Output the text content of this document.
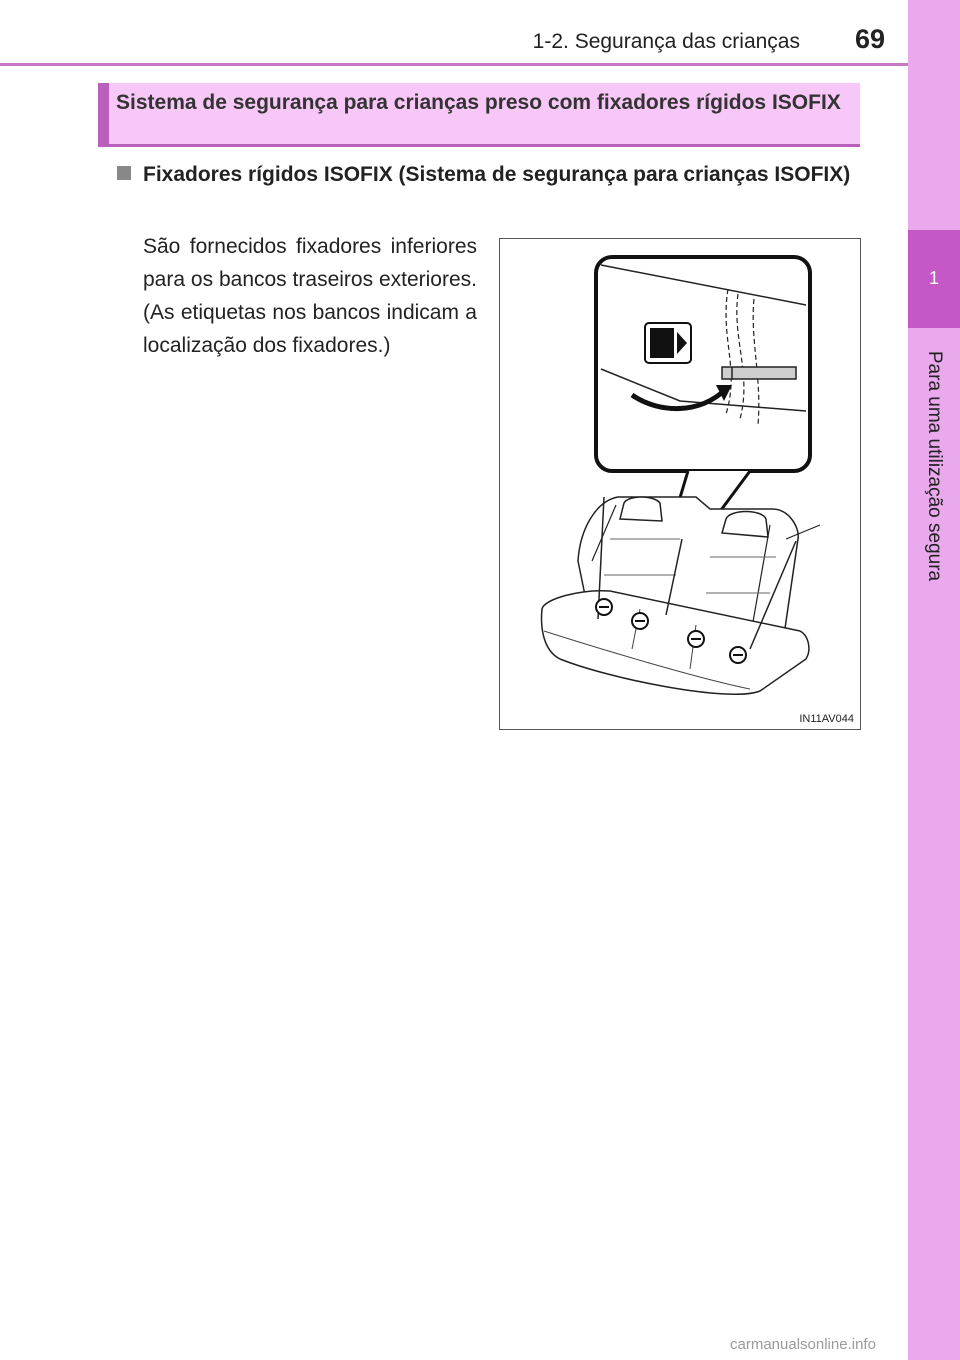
1-2. Segurança das crianças	69
1
Para uma utilização segura

Sistema de segurança para crianças preso com fixadores rígidos ISOFIX

Fixadores rígidos ISOFIX (Sistema de segurança para crianças ISOFIX)

São fornecidos fixadores inferiores para os bancos traseiros exteriores. (As etiquetas nos bancos indicam a localização dos fixadores.)

IN11AV044
carmanualsonline.info
